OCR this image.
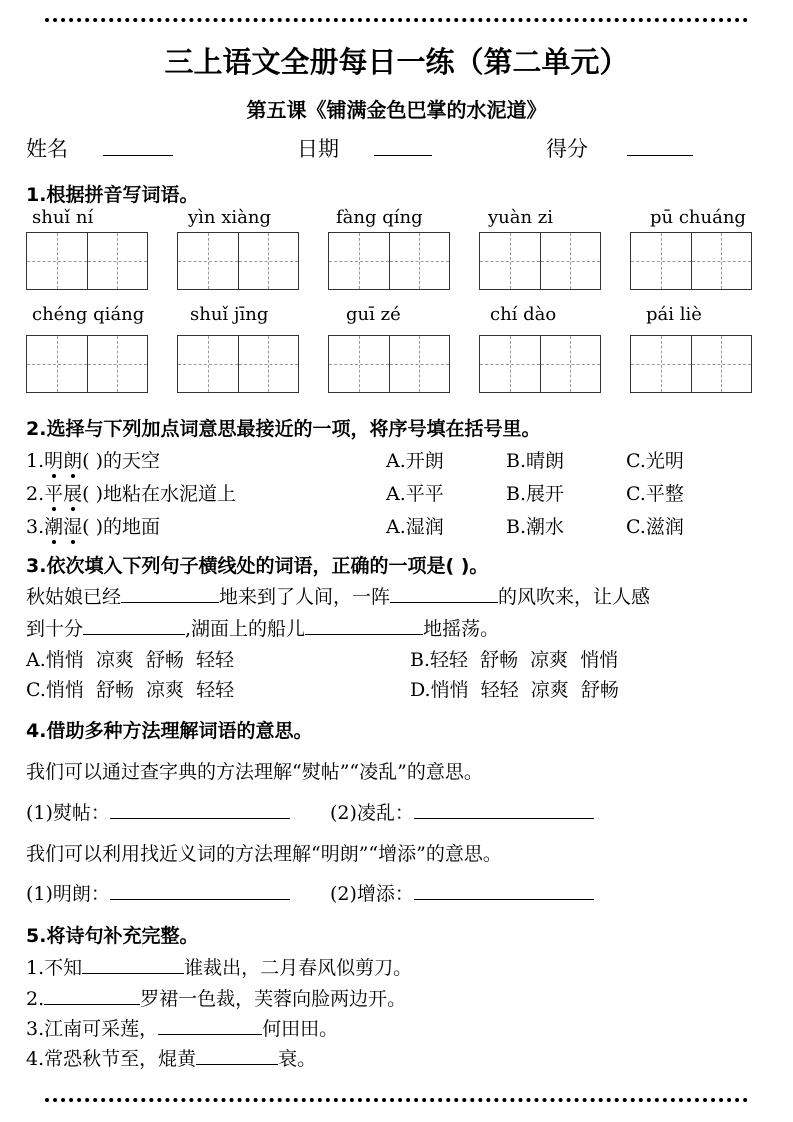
三上语文全册每日一练（第二单元）
第五课《铺满金色巴掌的水泥道》
姓名	日期	得分
1.根据拼音写词语。
shuǐ ní	yìn xiàng	fàng qíng	yuàn zi	pū chuáng
chéng qiáng	shuǐ jīng	guī zé	chí dào	pái liè
2.选择与下列加点词意思最接近的一项，将序号填在括号里。
1.明朗( )的天空	A.开朗	B.晴朗	C.光明
2.平展( )地粘在水泥道上	A.平平	B.展开	C.平整
3.潮湿( )的地面	A.湿润	B.潮水	C.滋润
3.依次填入下列句子横线处的词语，正确的一项是( )。
秋姑娘已经	地来到了人间，一阵	的风吹来，让人感
到十分	,湖面上的船儿	地摇荡。
A.悄悄  凉爽  舒畅  轻轻	B.轻轻  舒畅  凉爽  悄悄
C.悄悄  舒畅  凉爽  轻轻	D.悄悄  轻轻  凉爽  舒畅
4.借助多种方法理解词语的意思。
我们可以通过查字典的方法理解“熨帖”“凌乱”的意思。
(1)熨帖：	(2)凌乱：
我们可以利用找近义词的方法理解“明朗”“增添”的意思。
(1)明朗：	(2)增添：
5.将诗句补充完整。
1.不知	谁裁出，二月春风似剪刀。
2.	罗裙一色裁，芙蓉向脸两边开。
3.江南可采莲，	何田田。
4.常恐秋节至，焜黄	衰。
